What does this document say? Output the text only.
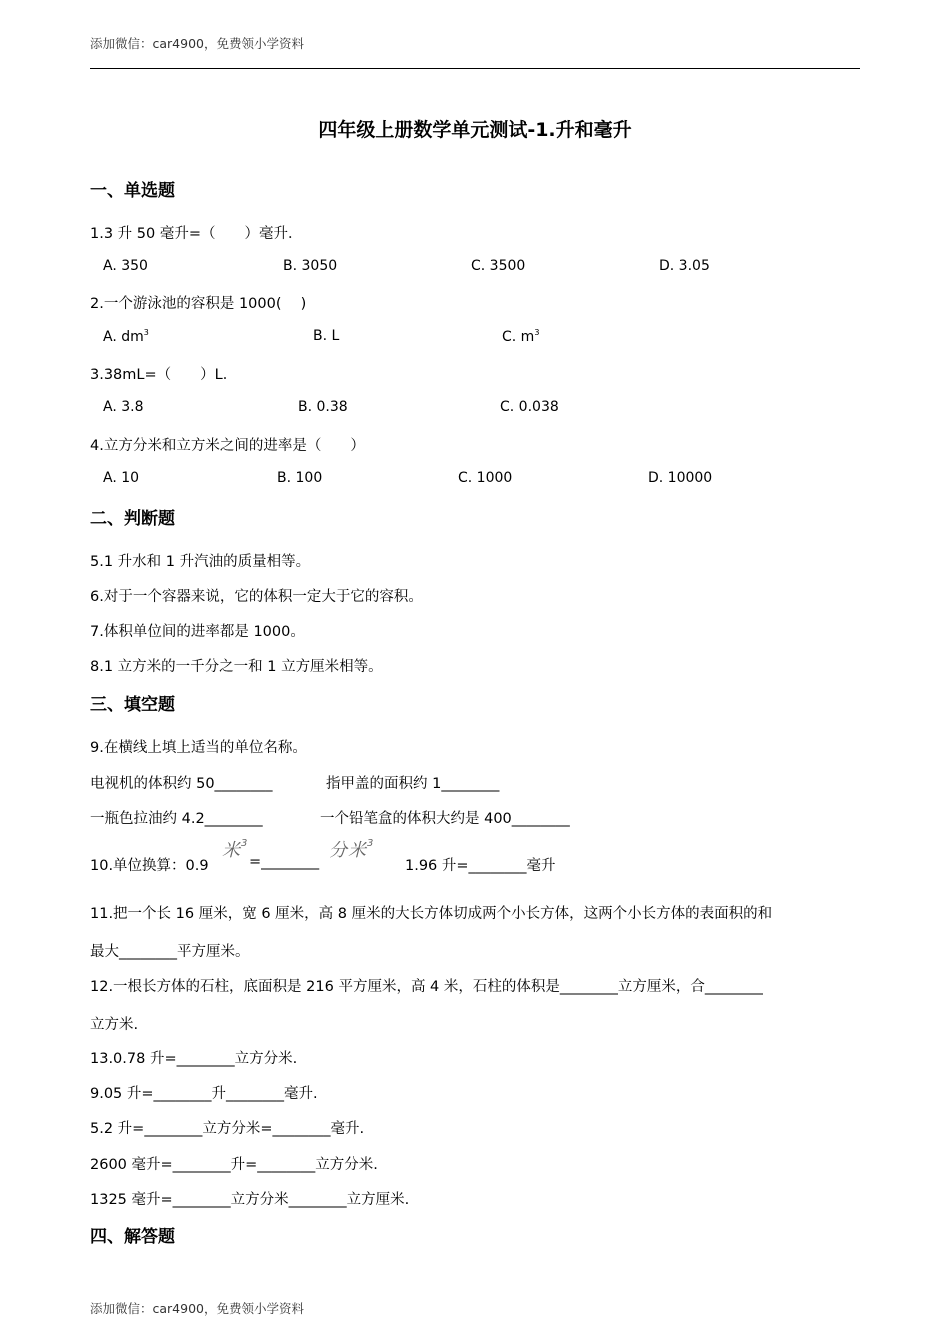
添加微信：car4900，免费领小学资料
四年级上册数学单元测试-1.升和毫升
一、单选题
1.3 升 50 毫升=（　　）毫升．
A. 350	B. 3050	C. 3500	D. 3.05
2.一个游泳池的容积是 1000(　 )
A. $dm^3$	B. L	C. $m^3$
3.38mL=（　　）L．
A. 3.8	B. 0.38	C. 0.038
4.立方分米和立方米之间的进率是（　　）
A. 10	B. 100	C. 1000	D. 10000
二、判断题
5.1 升水和 1 升汽油的质量相等。
6.对于一个容器来说，它的体积一定大于它的容积。
7.体积单位间的进率都是 1000。
8.1 立方米的一千分之一和 1 立方厘米相等。
三、填空题
9.在横线上填上适当的单位名称。
电视机的体积约 50________	指甲盖的面积约 1________
一瓶色拉油约 4.2________	一个铅笔盒的体积大约是 400________
10.单位换算：0.9
米$^3$
=________
分米$^3$
1.96 升=________毫升
11.把一个长 16 厘米，宽 6 厘米，高 8 厘米的大长方体切成两个小长方体，这两个小长方体的表面积的和
最大________平方厘米。
12.一根长方体的石柱，底面积是 216 平方厘米，高 4 米，石柱的体积是________立方厘米，合________
立方米.
13.0.78 升=________立方分米.
9.05 升=________升________毫升.
5.2 升=________立方分米=________毫升.
2600 毫升=________升=________立方分米.
1325 毫升=________立方分米________立方厘米.
四、解答题
添加微信：car4900，免费领小学资料
